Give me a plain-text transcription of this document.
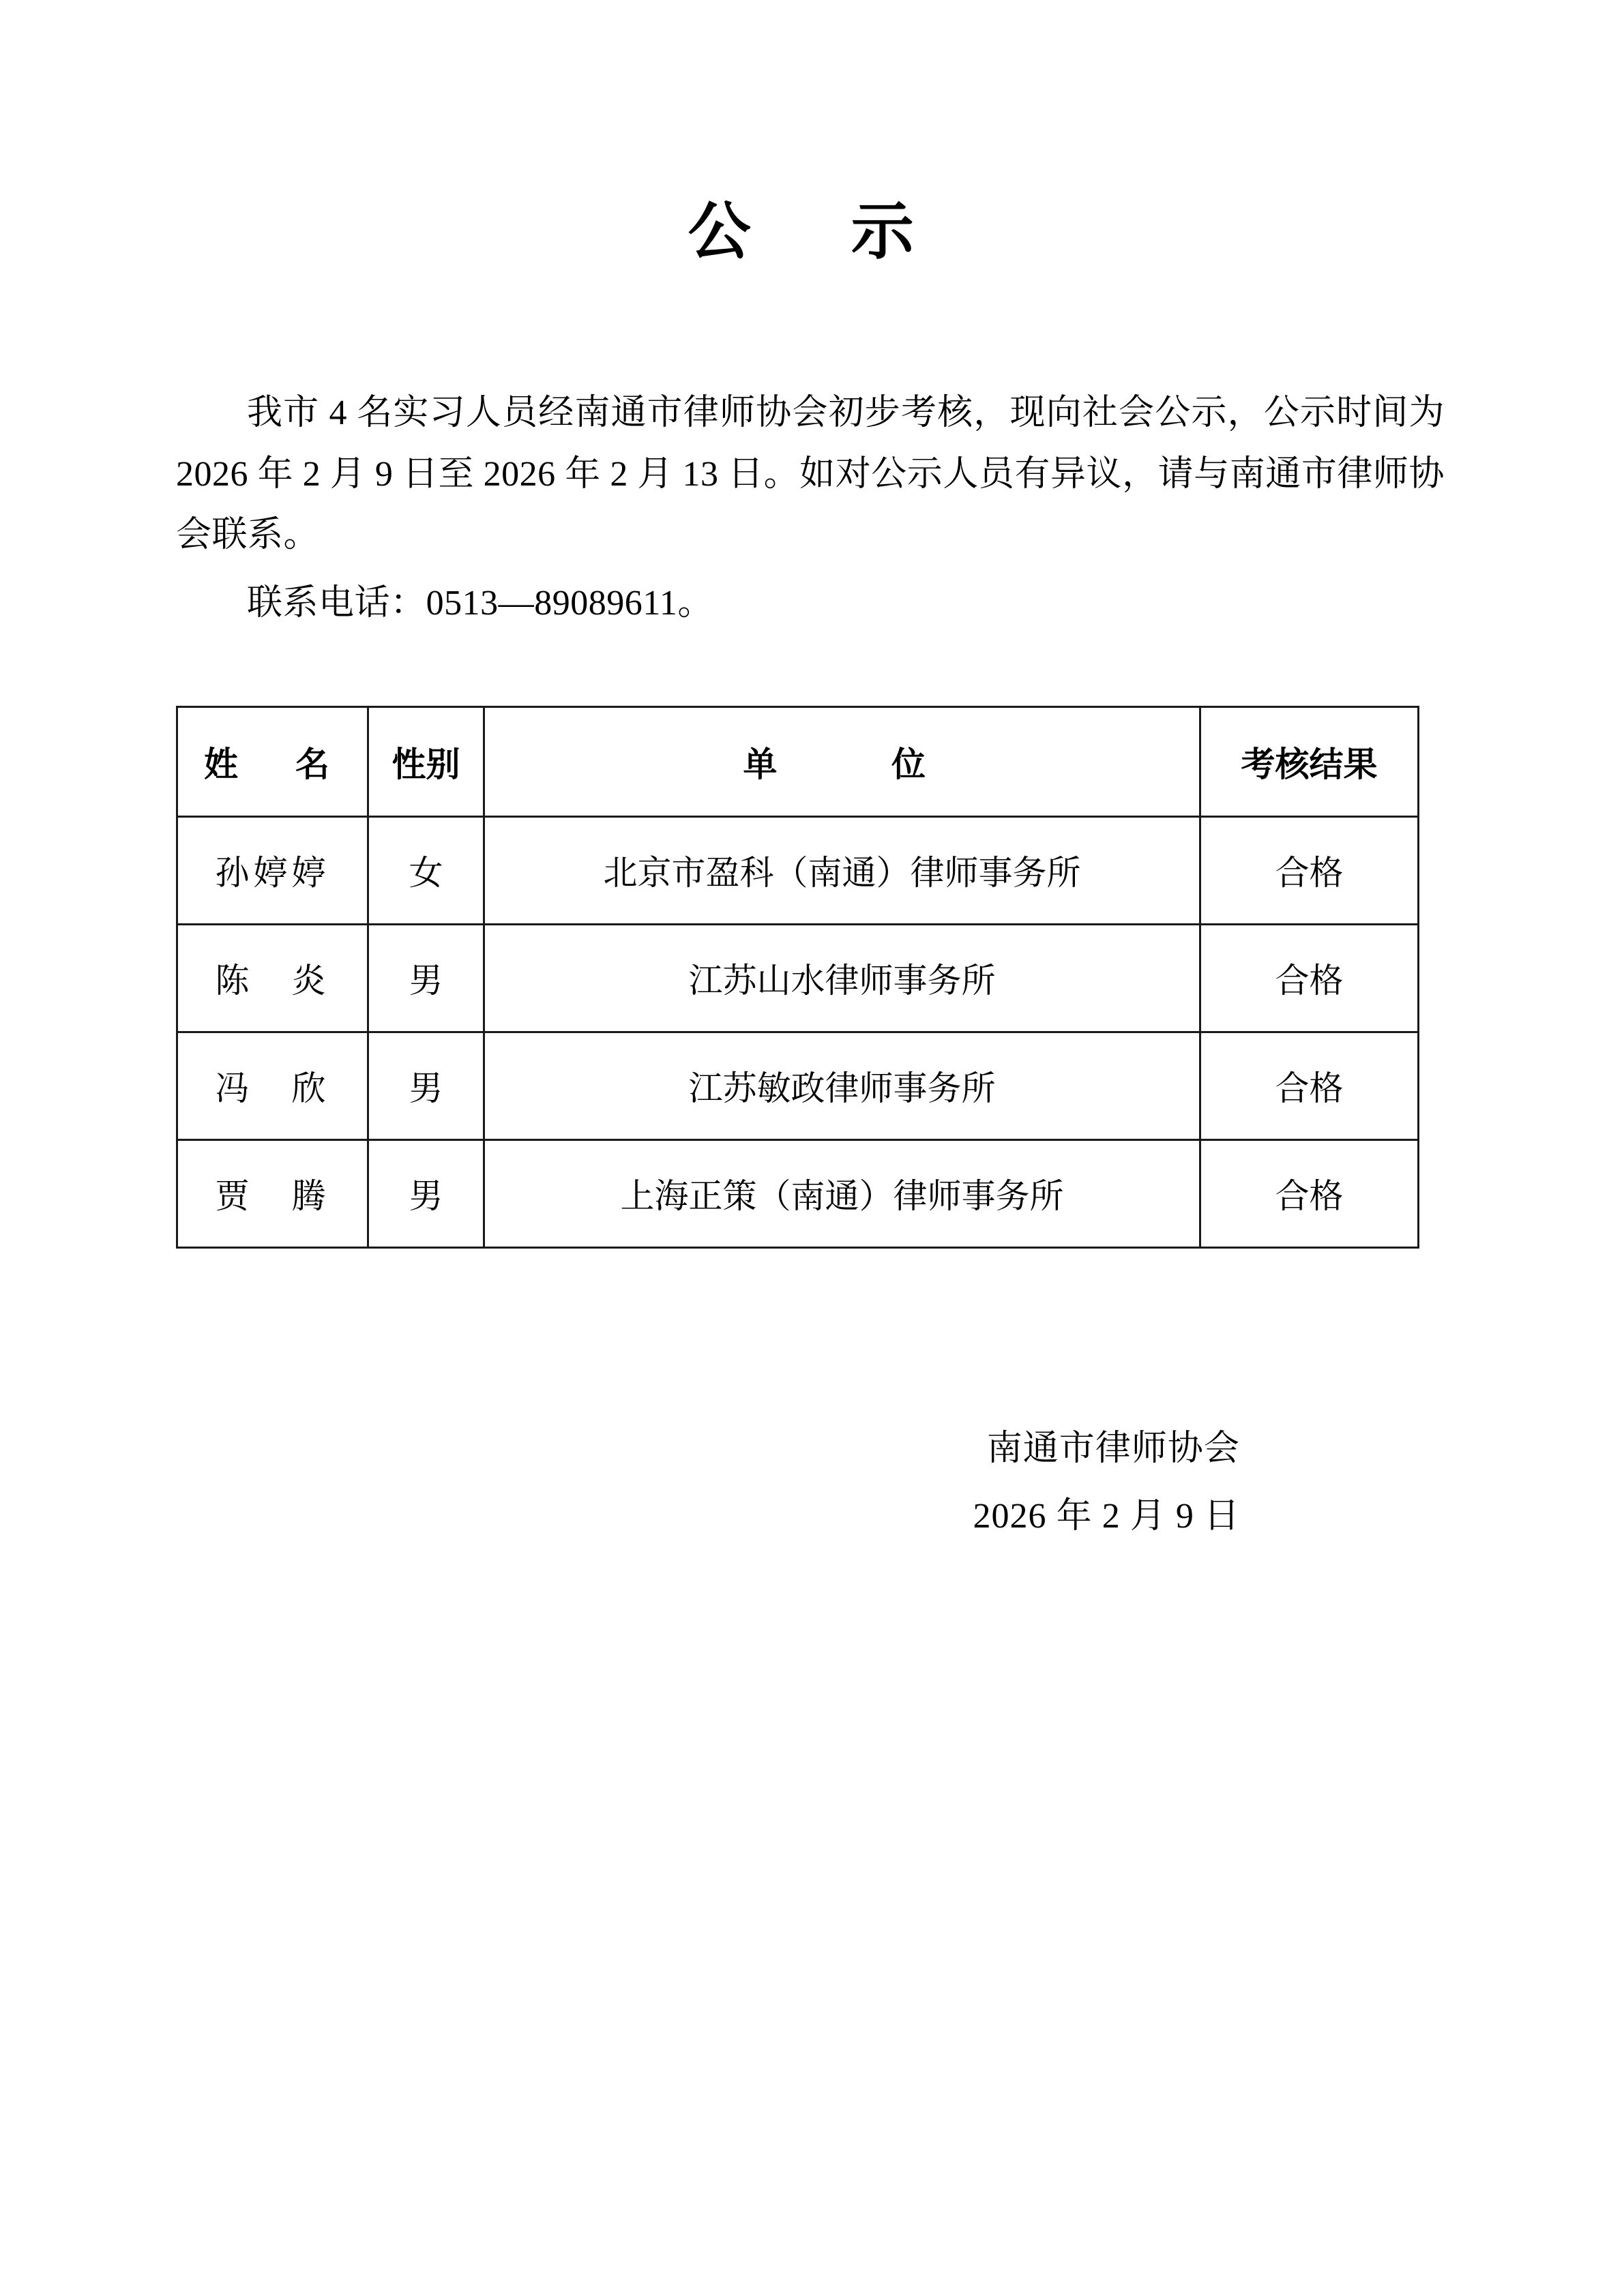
公　示

我市 4 名实习人员经南通市律师协会初步考核，现向社会公示，公示时间为 2026 年 2 月 9 日至 2026 年 2 月 13 日。如对公示人员有异议，请与南通市律师协会联系。

联系电话：0513—89089611。

姓　名	性别	单　　位	考核结果
孙婷婷	女	北京市盈科（南通）律师事务所	合格
陈　炎	男	江苏山水律师事务所	合格
冯　欣	男	江苏敏政律师事务所	合格
贾　腾	男	上海正策（南通）律师事务所	合格
南通市律师协会
2026 年 2 月 9 日
